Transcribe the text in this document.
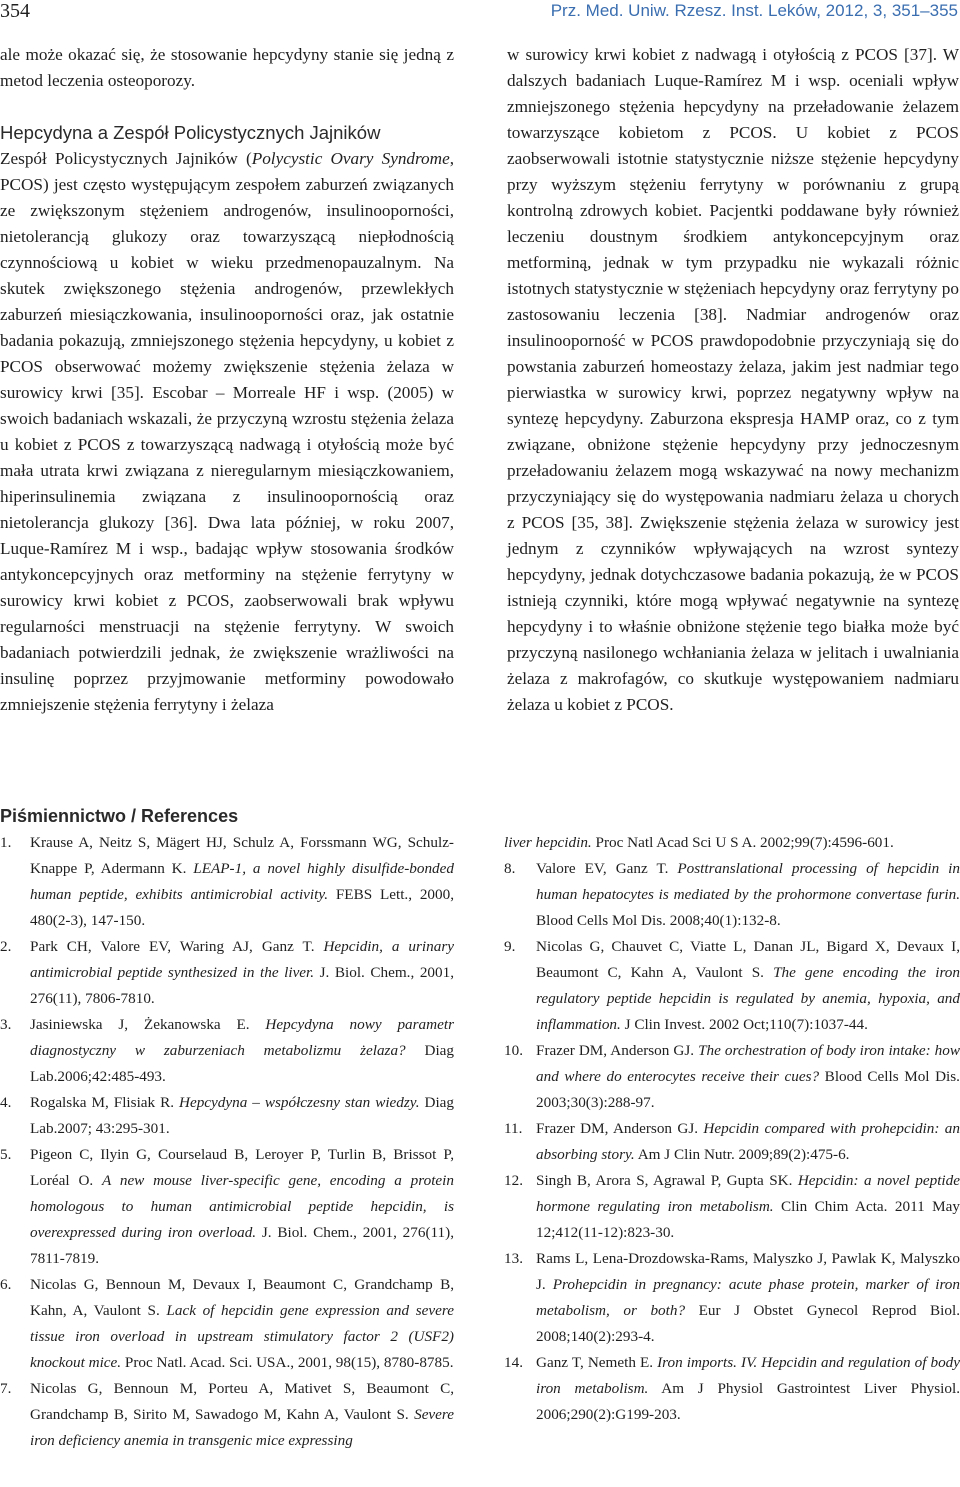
354	Prz. Med. Uniw. Rzesz. Inst. Leków, 2012, 3, 351–355

ale może okazać się, że stosowanie hepcydyny stanie się jedną z metod leczenia osteoporozy.

Hepcydyna a Zespół Policystycznych Jajników

Zespół Policystycznych Jajników (Polycystic Ovary Syndrome, PCOS) jest często występującym zespołem zaburzeń związanych ze zwiększonym stężeniem androgenów, insulinooporności, nietolerancją glukozy oraz towarzyszącą niepłodnością czynnościową u kobiet w wieku przedmenopauzalnym. Na skutek zwiększonego stężenia androgenów, przewlekłych zaburzeń miesiączkowania, insulinooporności oraz, jak ostatnie badania pokazują, zmniejszonego stężenia hepcydyny, u kobiet z PCOS obserwować możemy zwiększenie stężenia żelaza w surowicy krwi [35]. Escobar – Morreale HF i wsp. (2005) w swoich badaniach wskazali, że przyczyną wzrostu stężenia żelaza u kobiet z PCOS z towarzyszącą nadwagą i otyłością może być mała utrata krwi związana z nieregularnym miesiączkowaniem, hiperinsulinemia związana z insulinoopornością oraz nietolerancja glukozy [36]. Dwa lata później, w roku 2007, Luque-Ramírez M i wsp., badając wpływ stosowania środków antykoncepcyjnych oraz metforminy na stężenie ferrytyny w surowicy krwi kobiet z PCOS, zaobserwowali brak wpływu regularności menstruacji na stężenie ferrytyny. W swoich badaniach potwierdzili jednak, że zwiększenie wrażliwości na insulinę poprzez przyjmowanie metforminy powodowało zmniejszenie stężenia ferrytyny i żelaza

w surowicy krwi kobiet z nadwagą i otyłością z PCOS [37]. W dalszych badaniach Luque-Ramírez M i wsp. oceniali wpływ zmniejszonego stężenia hepcydyny na przeładowanie żelazem towarzyszące kobietom z PCOS. U kobiet z PCOS zaobserwowali istotnie statystycznie niższe stężenie hepcydyny przy wyższym stężeniu ferrytyny w porównaniu z grupą kontrolną zdrowych kobiet. Pacjentki poddawane były również leczeniu doustnym środkiem antykoncepcyjnym oraz metforminą, jednak w tym przypadku nie wykazali różnic istotnych statystycznie w stężeniach hepcydyny oraz ferrytyny po zastosowaniu leczenia [38]. Nadmiar androgenów oraz insulinooporność w PCOS prawdopodobnie przyczyniają się do powstania zaburzeń homeostazy żelaza, jakim jest nadmiar tego pierwiastka w surowicy krwi, poprzez negatywny wpływ na syntezę hepcydyny. Zaburzona ekspresja HAMP oraz, co z tym związane, obniżone stężenie hepcydyny przy jednoczesnym przeładowaniu żelazem mogą wskazywać na nowy mechanizm przyczyniający się do występowania nadmiaru żelaza u chorych z PCOS [35, 38]. Zwiększenie stężenia żelaza w surowicy jest jednym z czynników wpływających na wzrost syntezy hepcydyny, jednak dotychczasowe badania pokazują, że w PCOS istnieją czynniki, które mogą wpływać negatywnie na syntezę hepcydyny i to właśnie obniżone stężenie tego białka może być przyczyną nasilonego wchłaniania żelaza w jelitach i uwalniania żelaza z makrofagów, co skutkuje występowaniem nadmiaru żelaza u kobiet z PCOS.

Piśmiennictwo / References
1.	Krause A, Neitz S, Mägert HJ, Schulz A, Forssmann WG, Schulz-Knappe P, Adermann K. LEAP-1, a novel highly disulfide-bonded human peptide, exhibits antimicrobial activity. FEBS Lett., 2000, 480(2-3), 147-150.
2.	Park CH, Valore EV, Waring AJ, Ganz T. Hepcidin, a urinary antimicrobial peptide synthesized in the liver. J. Biol. Chem., 2001, 276(11), 7806-7810.
3.	Jasiniewska J, Żekanowska E. Hepcydyna nowy parametr diagnostyczny w zaburzeniach metabolizmu żelaza? Diag Lab.2006;42:485-493.
4.	Rogalska M, Flisiak R. Hepcydyna – współczesny stan wiedzy. Diag Lab.2007; 43:295-301.
5.	Pigeon C, Ilyin G, Courselaud B, Leroyer P, Turlin B, Brissot P, Loréal O. A new mouse liver-specific gene, encoding a protein homologous to human antimicrobial peptide hepcidin, is overexpressed during iron overload. J. Biol. Chem., 2001, 276(11), 7811-7819.
6.	Nicolas G, Bennoun M, Devaux I, Beaumont C, Grandchamp B, Kahn, A, Vaulont S. Lack of hepcidin gene expression and severe tissue iron overload in upstream stimulatory factor 2 (USF2) knockout mice. Proc Natl. Acad. Sci. USA., 2001, 98(15), 8780-8785.
7.	Nicolas G, Bennoun M, Porteu A, Mativet S, Beaumont C, Grandchamp B, Sirito M, Sawadogo M, Kahn A, Vaulont S. Severe iron deficiency anemia in transgenic mice expressing
liver hepcidin. Proc Natl Acad Sci U S A. 2002;99(7):4596-601.
8.	Valore EV, Ganz T. Posttranslational processing of hepcidin in human hepatocytes is mediated by the prohormone convertase furin. Blood Cells Mol Dis. 2008;40(1):132-8.
9.	Nicolas G, Chauvet C, Viatte L, Danan JL, Bigard X, Devaux I, Beaumont C, Kahn A, Vaulont S. The gene encoding the iron regulatory peptide hepcidin is regulated by anemia, hypoxia, and inflammation. J Clin Invest. 2002 Oct;110(7):1037-44.
10. Frazer DM, Anderson GJ. The orchestration of body iron intake: how and where do enterocytes receive their cues? Blood Cells Mol Dis. 2003;30(3):288-97.
11. Frazer DM, Anderson GJ. Hepcidin compared with prohepcidin: an absorbing story. Am J Clin Nutr. 2009;89(2):475-6.
12. Singh B, Arora S, Agrawal P, Gupta SK. Hepcidin: a novel peptide hormone regulating iron metabolism. Clin Chim Acta. 2011 May 12;412(11-12):823-30.
13. Rams L, Lena-Drozdowska-Rams, Malyszko J, Pawlak K, Malyszko J. Prohepcidin in pregnancy: acute phase protein, marker of iron metabolism, or both? Eur J Obstet Gynecol Reprod Biol. 2008;140(2):293-4.
14. Ganz T, Nemeth E. Iron imports. IV. Hepcidin and regulation of body iron metabolism. Am J Physiol Gastrointest Liver Physiol. 2006;290(2):G199-203.
